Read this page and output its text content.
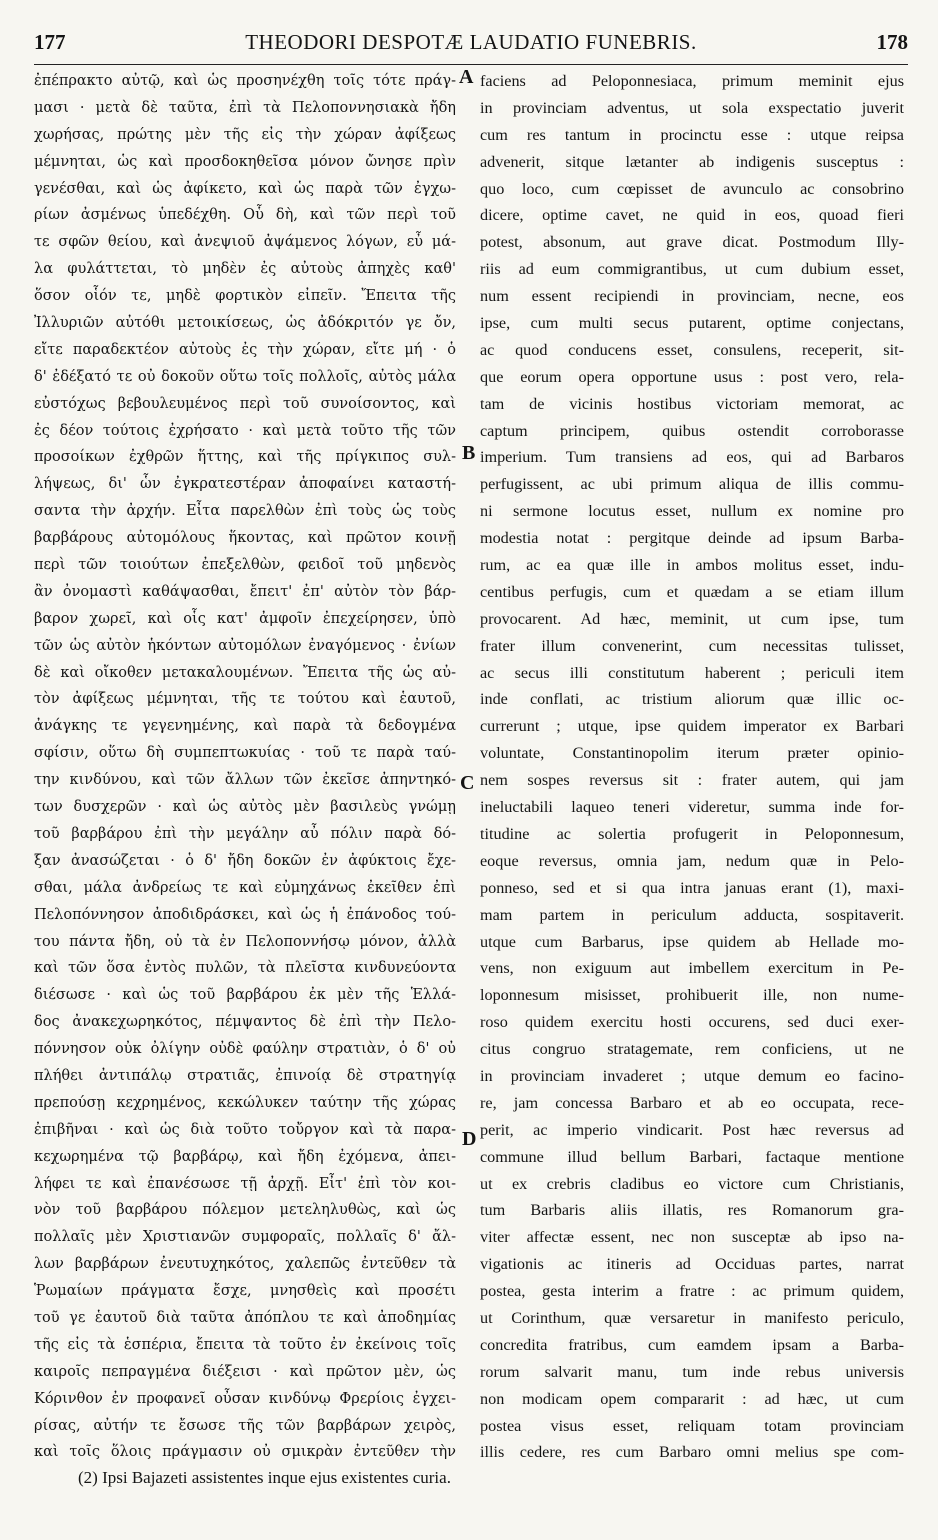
177	THEODORI DESPOTÆ LAUDATIO FUNEBRIS.	178
ἐπέπρακτο αὐτῷ, καὶ ὡς προσηνέχθη τοῖς τότε πράγ-
μασι · μετὰ δὲ ταῦτα, ἐπὶ τὰ Πελοποννησιακὰ ἤδη
χωρήσας, πρώτης μὲν τῆς εἰς τὴν χώραν ἀφίξεως
μέμνηται, ὡς καὶ προσδοκηθεῖσα μόνον ὤνησε πρὶν
γενέσθαι, καὶ ὡς ἀφίκετο, καὶ ὡς παρὰ τῶν ἐγχω-
ρίων ἀσμένως ὑπεδέχθη. Οὗ δὴ, καὶ τῶν περὶ τοῦ
τε σφῶν θείου, καὶ ἀνεψιοῦ ἀψάμενος λόγων, εὖ μά-
λα φυλάττεται, τὸ μηδὲν ἐς αὐτοὺς ἀπηχὲς καθ'
ὅσον οἷόν τε, μηδὲ φορτικὸν εἰπεῖν. Ἔπειτα τῆς
Ἰλλυριῶν αὐτόθι μετοικίσεως, ὡς ἀδόκριτόν γε ὄν,
εἴτε παραδεκτέον αὐτοὺς ἐς τὴν χώραν, εἴτε μή · ὁ
δ' ἐδέξατό τε οὐ δοκοῦν οὕτω τοῖς πολλοῖς, αὐτὸς μάλα
εὐστόχως βεβουλευμένος περὶ τοῦ συνοίσοντος, καὶ
ἐς δέον τούτοις ἐχρήσατο · καὶ μετὰ τοῦτο τῆς τῶν
προσοίκων ἐχθρῶν ἥττης, καὶ τῆς πρίγκιπος συλ-
λήψεως, δι' ὧν ἐγκρατεστέραν ἀποφαίνει καταστή-
σαντα τὴν ἀρχήν. Εἶτα παρελθὼν ἐπὶ τοὺς ὡς τοὺς
βαρβάρους αὐτομόλους ἥκοντας, καὶ πρῶτον κοινῇ
περὶ τῶν τοιούτων ἐπεξελθὼν, φειδοῖ τοῦ μηδενὸς
ἂν ὀνομαστὶ καθάψασθαι, ἔπειτ' ἐπ' αὐτὸν τὸν βάρ-
βαρον χωρεῖ, καὶ οἷς κατ' ἀμφοῖν ἐπεχείρησεν, ὑπὸ
τῶν ὡς αὐτὸν ἡκόντων αὐτομόλων ἐναγόμενος · ἐνίων
δὲ καὶ οἴκοθεν μετακαλουμένων. Ἔπειτα τῆς ὡς αὐ-
τὸν ἀφίξεως μέμνηται, τῆς τε τούτου καὶ ἑαυτοῦ,
ἀνάγκης τε γεγενημένης, καὶ παρὰ τὰ δεδογμένα
σφίσιν, οὕτω δὴ συμπεπτωκυίας · τοῦ τε παρὰ ταύ-
την κινδύνου, καὶ τῶν ἄλλων τῶν ἐκεῖσε ἀπηντηκό-
των δυσχερῶν · καὶ ὡς αὐτὸς μὲν βασιλεὺς γνώμῃ
τοῦ βαρβάρου ἐπὶ τὴν μεγάλην αὖ πόλιν παρὰ δό-
ξαν ἀνασώζεται · ὁ δ' ἤδη δοκῶν ἐν ἀφύκτοις ἔχε-
σθαι, μάλα ἀνδρείως τε καὶ εὐμηχάνως ἐκεῖθεν ἐπὶ
Πελοπόννησον ἀποδιδράσκει, καὶ ὡς ἡ ἐπάνοδος τού-
του πάντα ἤδη, οὐ τὰ ἐν Πελοποννήσῳ μόνον, ἀλλὰ
καὶ τῶν ὅσα ἐντὸς πυλῶν, τὰ πλεῖστα κινδυνεύοντα
διέσωσε · καὶ ὡς τοῦ βαρβάρου ἐκ μὲν τῆς Ἑλλά-
δος ἀνακεχωρηκότος, πέμψαντος δὲ ἐπὶ τὴν Πελο-
πόννησον οὐκ ὀλίγην οὐδὲ φαύλην στρατιὰν, ὁ δ' οὐ
πλήθει ἀντιπάλῳ στρατιᾶς, ἐπινοίᾳ δὲ στρατηγίᾳ
πρεπούσῃ κεχρημένος, κεκώλυκεν ταύτην τῆς χώρας
ἐπιβῆναι · καὶ ὡς διὰ τοῦτο τοὔργον καὶ τὰ παρα-
κεχωρημένα τῷ βαρβάρῳ, καὶ ἤδη ἐχόμενα, ἀπει-
λήφει τε καὶ ἐπανέσωσε τῇ ἀρχῇ. Εἶτ' ἐπὶ τὸν κοι-
νὸν τοῦ βαρβάρου πόλεμον μετεληλυθὼς, καὶ ὡς
πολλαῖς μὲν Χριστιανῶν συμφοραῖς, πολλαῖς δ' ἄλ-
λων βαρβάρων ἐνευτυχηκότος, χαλεπῶς ἐντεῦθεν τὰ
Ῥωμαίων πράγματα ἔσχε, μνησθεὶς καὶ προσέτι
τοῦ γε ἑαυτοῦ διὰ ταῦτα ἀπόπλου τε καὶ ἀποδημίας
τῆς εἰς τὰ ἑσπέρια, ἔπειτα τὰ τοῦτο ἐν ἐκείνοις τοῖς
καιροῖς πεπραγμένα διέξεισι · καὶ πρῶτον μὲν, ὡς
Κόρινθον ἐν προφανεῖ οὖσαν κινδύνῳ Φρερίοις ἐγχει-
ρίσας, αὐτήν τε ἔσωσε τῆς τῶν βαρβάρων χειρὸς,
καὶ τοῖς ὅλοις πράγμασιν οὐ σμικρὰν ἐντεῦθεν τὴν
faciens ad Peloponnesiaca, primum meminit ejus
in provinciam adventus, ut sola exspectatio juverit
cum res tantum in procinctu esse : utque reipsa
advenerit, sitque lætanter ab indigenis susceptus :
quo loco, cum cœpisset de avunculo ac consobrino
dicere, optime cavet, ne quid in eos, quoad fieri
potest, absonum, aut grave dicat. Postmodum Illy-
riis ad eum commigrantibus, ut cum dubium esset,
num essent recipiendi in provinciam, necne, eos
ipse, cum multi secus putarent, optime conjectans,
ac quod conducens esset, consulens, receperit, sit-
que eorum opera opportune usus : post vero, rela-
tam de vicinis hostibus victoriam memorat, ac
captum principem, quibus ostendit corroborasse
imperium. Tum transiens ad eos, qui ad Barbaros
perfugissent, ac ubi primum aliqua de illis commu-
ni sermone locutus esset, nullum ex nomine pro
modestia notat : pergitque deinde ad ipsum Barba-
rum, ac ea quæ ille in ambos molitus esset, indu-
centibus perfugis, cum et quædam a se etiam illum
provocarent. Ad hæc, meminit, ut cum ipse, tum
frater illum convenerint, cum necessitas tulisset,
ac secus illi constitutum haberent ; periculi item
inde conflati, ac tristium aliorum quæ illic oc-
currerunt ; utque, ipse quidem imperator ex Barbari
voluntate, Constantinopolim iterum præter opinio-
nem sospes reversus sit : frater autem, qui jam
ineluctabili laqueo teneri videretur, summa inde for-
titudine ac solertia profugerit in Peloponnesum,
eoque reversus, omnia jam, nedum quæ in Pelo-
ponneso, sed et si qua intra januas erant (1), maxi-
mam partem in periculum adducta, sospitaverit.
utque cum Barbarus, ipse quidem ab Hellade mo-
vens, non exiguum aut imbellem exercitum in Pe-
loponnesum misisset, prohibuerit ille, non nume-
roso quidem exercitu hosti occurens, sed duci exer-
citus congruo stratagemate, rem conficiens, ut ne
in provinciam invaderet ; utque demum eo facino-
re, jam concessa Barbaro et ab eo occupata, rece-
perit, ac imperio vindicarit. Post hæc reversus ad
commune illud bellum Barbari, factaque mentione
ut ex crebris cladibus eo victore cum Christianis,
tum Barbaris aliis illatis, res Romanorum gra-
viter affectæ essent, nec non susceptæ ab ipso na-
vigationis ac itineris ad Occiduas partes, narrat
postea, gesta interim a fratre : ac primum quidem,
ut Corinthum, quæ versaretur in manifesto periculo,
concredita fratribus, cum eamdem ipsam a Barba-
rorum salvarit manu, tum inde rebus universis
non modicam opem compararit : ad hæc, ut cum
postea visus esset, reliquam totam provinciam
illis cedere, res cum Barbaro omni melius spe com-
A
B
C
D
(2) Ipsi Bajazeti assistentes inque ejus existentes curia.
